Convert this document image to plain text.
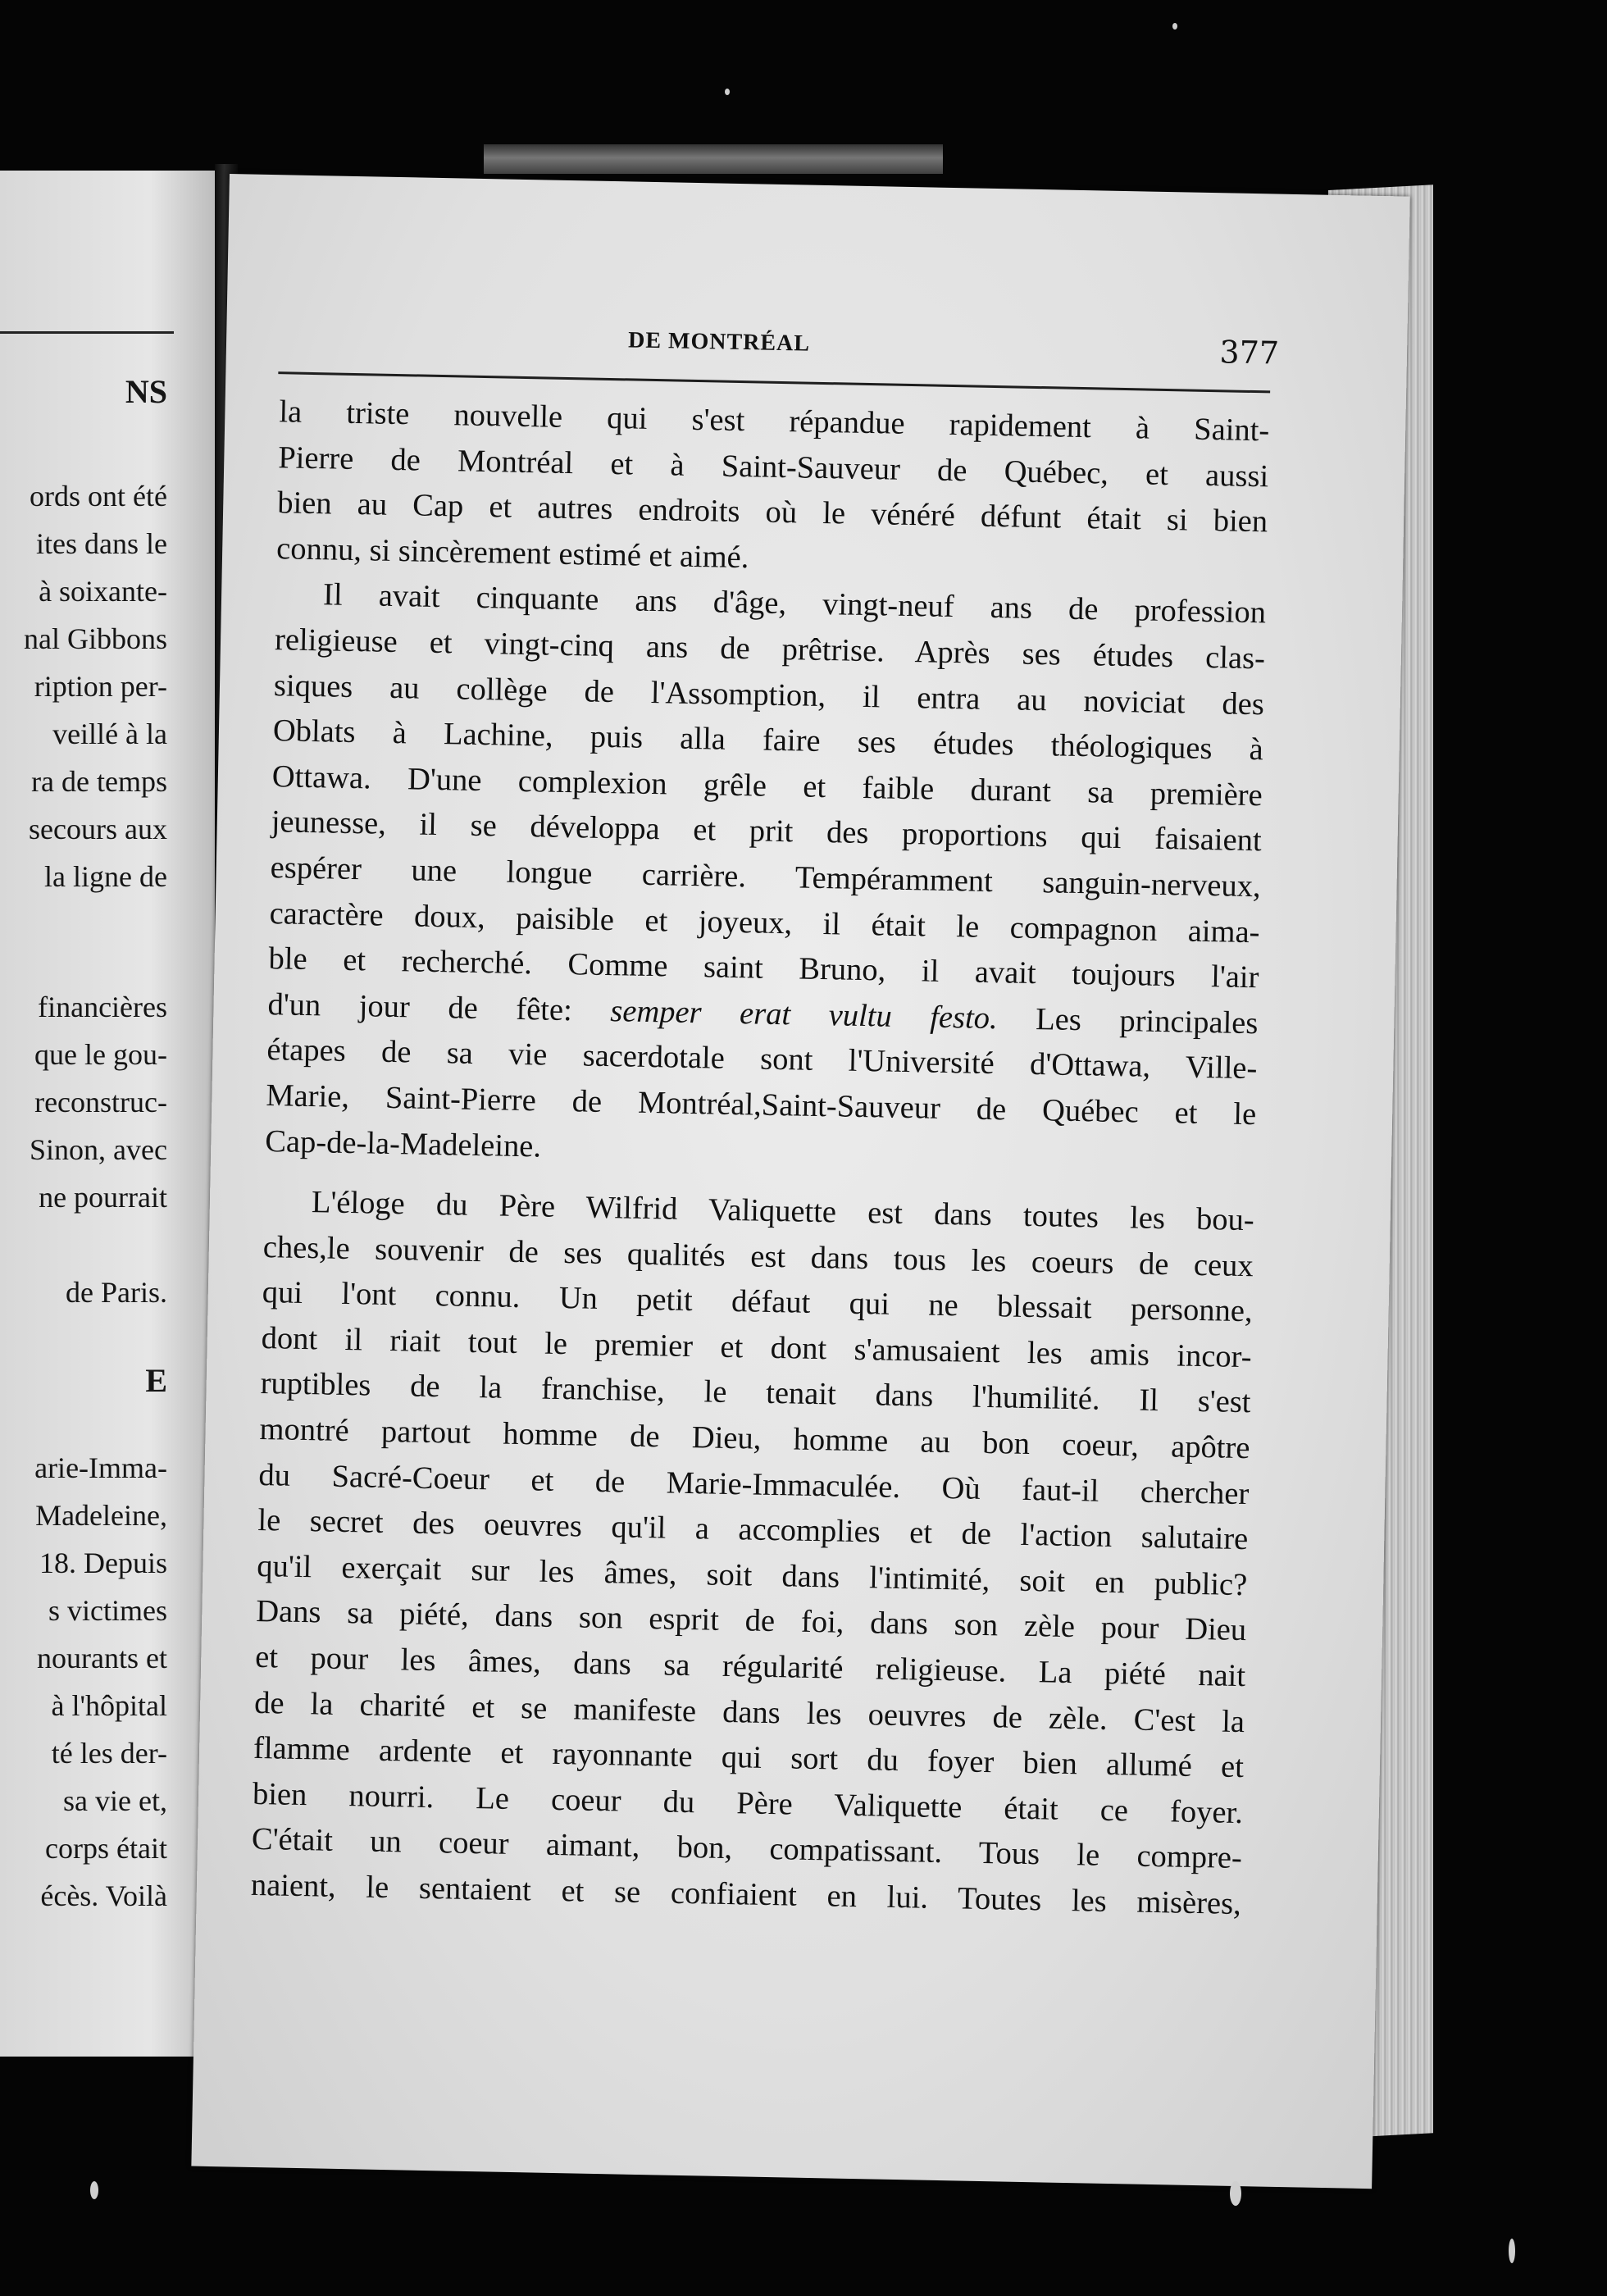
NS
ords ont été
ites dans le
à soixante-
nal Gibbons
ription per-
veillé à la
ra de temps
secours aux
la ligne de
financières
que le gou-
reconstruc-
Sinon, avec
ne pourrait
de Paris.
E
arie-Imma-
Madeleine,
18. Depuis
s victimes
nourants et
à l'hôpital
té les der-
sa vie et,
corps était
écès. Voilà
DE MONTRÉAL	377
la triste nouvelle qui s'est répandue rapidement à Saint-
Pierre de Montréal et à Saint-Sauveur de Québec, et aussi
bien au Cap et autres endroits où le vénéré défunt était si bien
connu, si sincèrement estimé et aimé.
Il avait cinquante ans d'âge, vingt-neuf ans de profession
religieuse et vingt-cinq ans de prêtrise. Après ses études clas-
siques au collège de l'Assomption, il entra au noviciat des
Oblats à Lachine, puis alla faire ses études théologiques à
Ottawa. D'une complexion grêle et faible durant sa première
jeunesse, il se développa et prit des proportions qui faisaient
espérer une longue carrière. Tempéramment sanguin-nerveux,
caractère doux, paisible et joyeux, il était le compagnon aima-
ble et recherché. Comme saint Bruno, il avait toujours l'air
d'un jour de fête: semper erat vultu festo. Les principales
étapes de sa vie sacerdotale sont l'Université d'Ottawa, Ville-
Marie, Saint-Pierre de Montréal,Saint-Sauveur de Québec et le
Cap-de-la-Madeleine.
L'éloge du Père Wilfrid Valiquette est dans toutes les bou-
ches,le souvenir de ses qualités est dans tous les coeurs de ceux
qui l'ont connu. Un petit défaut qui ne blessait personne,
dont il riait tout le premier et dont s'amusaient les amis incor-
ruptibles de la franchise, le tenait dans l'humilité. Il s'est
montré partout homme de Dieu, homme au bon coeur, apôtre
du Sacré-Coeur et de Marie-Immaculée. Où faut-il chercher
le secret des oeuvres qu'il a accomplies et de l'action salutaire
qu'il exerçait sur les âmes, soit dans l'intimité, soit en public?
Dans sa piété, dans son esprit de foi, dans son zèle pour Dieu
et pour les âmes, dans sa régularité religieuse. La piété nait
de la charité et se manifeste dans les oeuvres de zèle. C'est la
flamme ardente et rayonnante qui sort du foyer bien allumé et
bien nourri. Le coeur du Père Valiquette était ce foyer.
C'était un coeur aimant, bon, compatissant. Tous le compre-
naient, le sentaient et se confiaient en lui. Toutes les misères,
